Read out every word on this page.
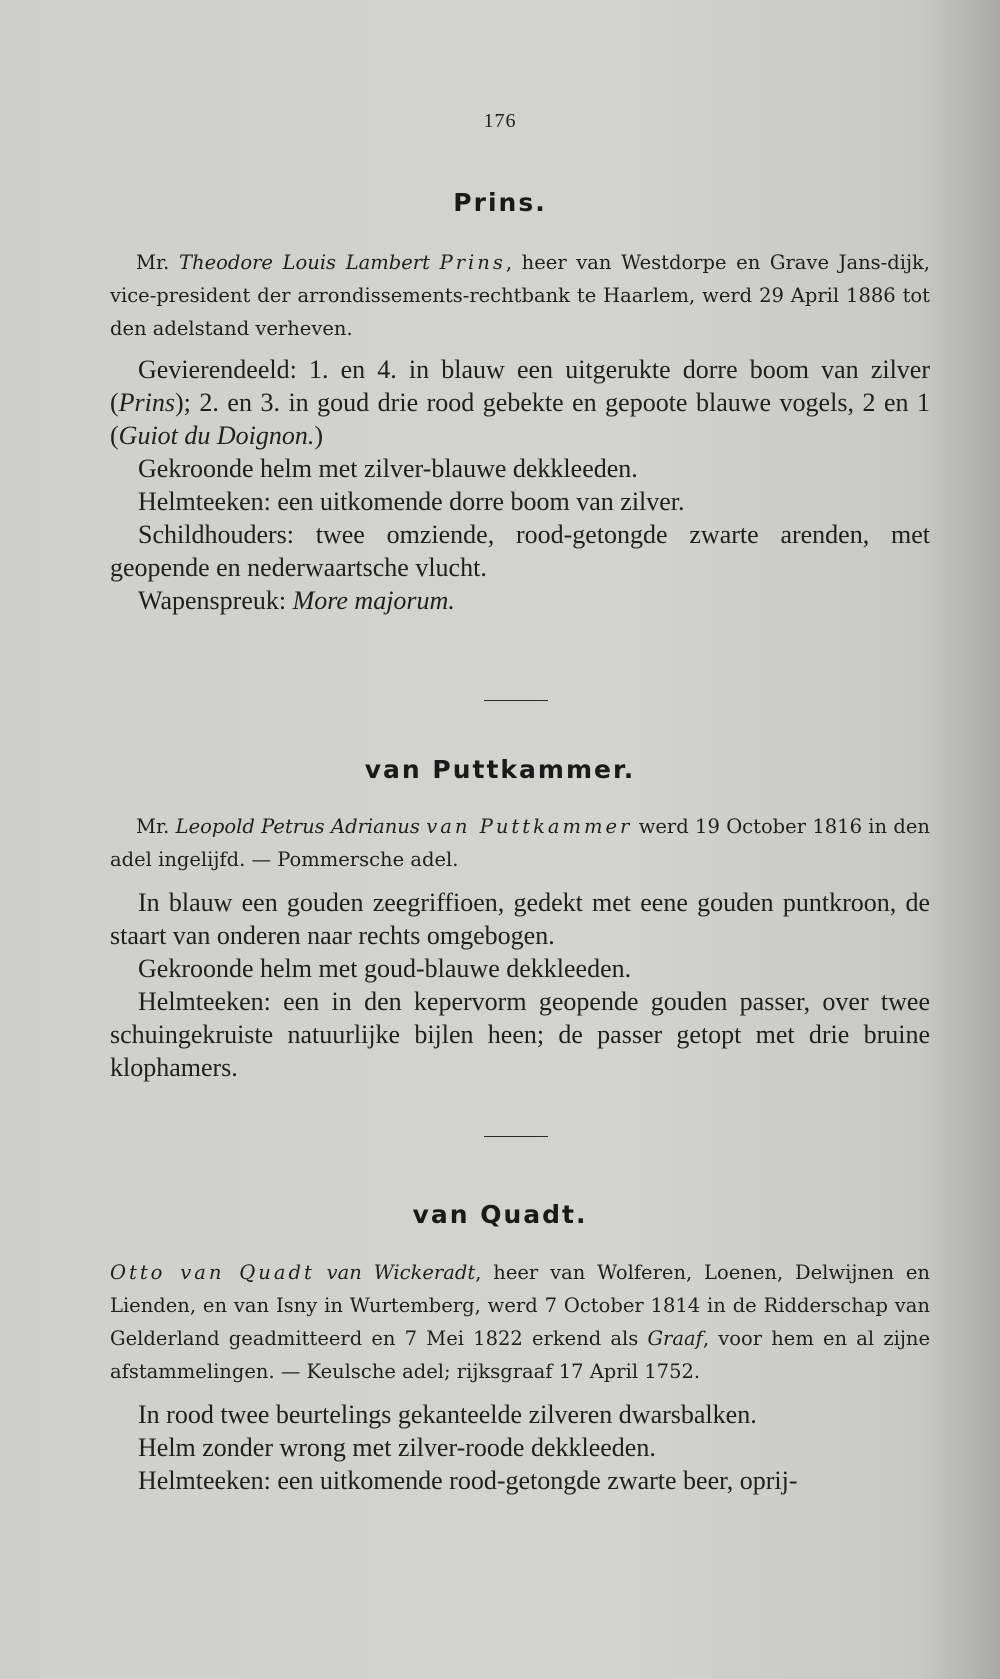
176
Prins.

Mr. Theodore Louis Lambert Prins, heer van Westdorpe en Grave Jans-dijk, vice-president der arrondissements-rechtbank te Haarlem, werd 29 April 1886 tot den adelstand verheven.

Gevierendeeld: 1. en 4. in blauw een uitgerukte dorre boom van zilver (Prins); 2. en 3. in goud drie rood gebekte en gepoote blauwe vogels, 2 en 1 (Guiot du Doignon.)

Gekroonde helm met zilver-blauwe dekkleeden.

Helmteeken: een uitkomende dorre boom van zilver.

Schildhouders: twee omziende, rood-getongde zwarte arenden, met geopende en nederwaartsche vlucht.

Wapenspreuk: More majorum.

van Puttkammer.

Mr. Leopold Petrus Adrianus van Puttkammer werd 19 October 1816 in den adel ingelijfd. — Pommersche adel.

In blauw een gouden zeegriffioen, gedekt met eene gouden puntkroon, de staart van onderen naar rechts omgebogen.

Gekroonde helm met goud-blauwe dekkleeden.

Helmteeken: een in den kepervorm geopende gouden passer, over twee schuingekruiste natuurlijke bijlen heen; de passer getopt met drie bruine klophamers.

van Quadt.

Otto van Quadt van Wickeradt, heer van Wolferen, Loenen, Delwijnen en Lienden, en van Isny in Wurtemberg, werd 7 October 1814 in de Ridderschap van Gelderland geadmitteerd en 7 Mei 1822 erkend als Graaf, voor hem en al zijne afstammelingen. — Keulsche adel; rijksgraaf 17 April 1752.

In rood twee beurtelings gekanteelde zilveren dwarsbalken.

Helm zonder wrong met zilver-roode dekkleeden.

Helmteeken: een uitkomende rood-getongde zwarte beer, oprij-
